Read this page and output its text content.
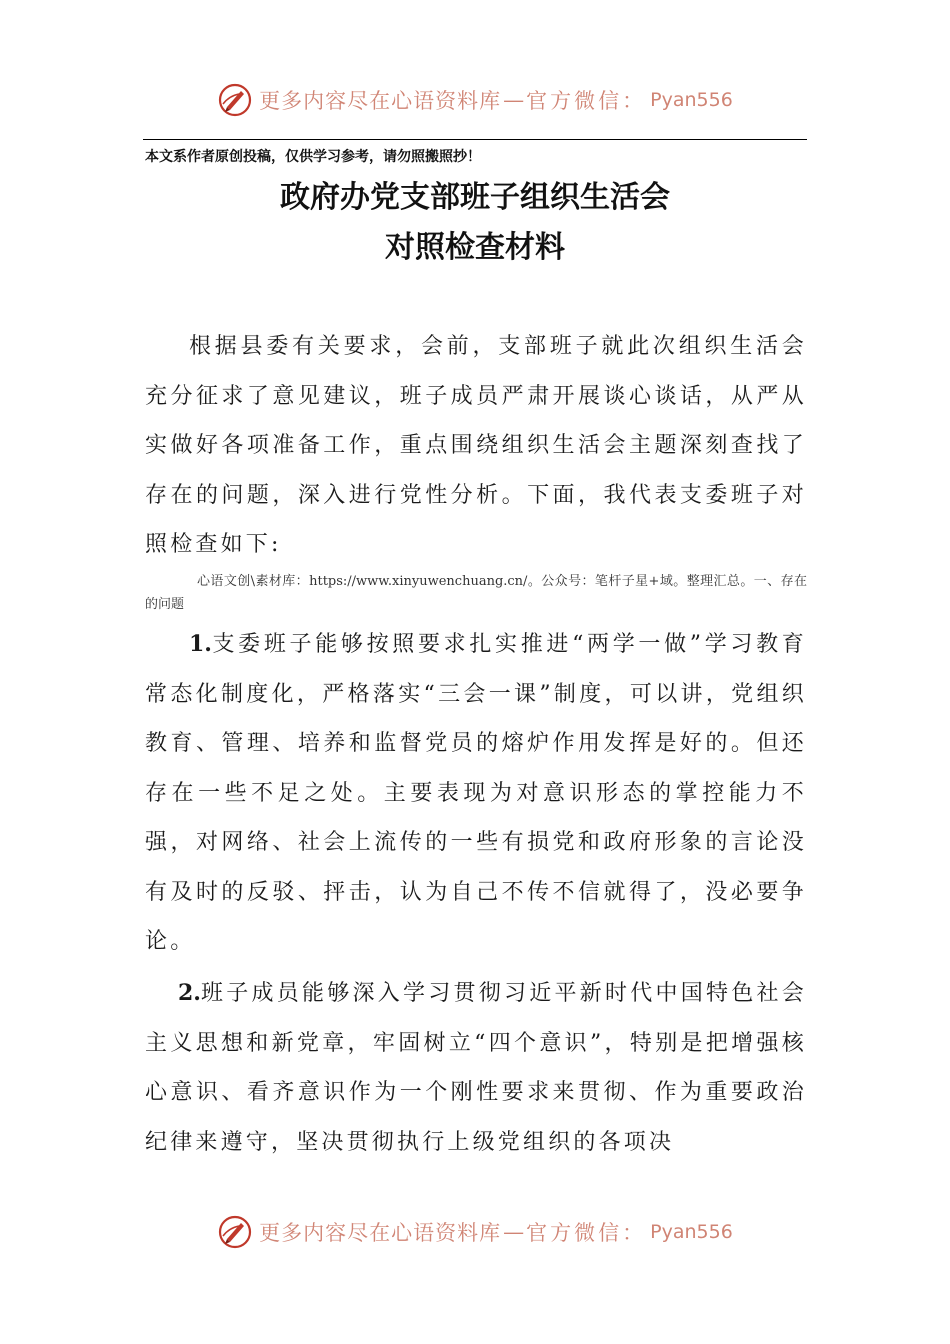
更多内容尽在心语资料库 — 官方微信： Pyan556
本文系作者原创投稿，仅供学习参考，请勿照搬照抄！
政府办党支部班子组织生活会
对照检查材料
根据县委有关要求，会前，支部班子就此次组织生活会充分征求了意见建议，班子成员严肃开展谈心谈话，从严从实做好各项准备工作，重点围绕组织生活会主题深刻查找了存在的问题，深入进行党性分析。下面，我代表支委班子对照检查如下:
心语文创\素材库：https://www.xinyuwenchuang.cn/。公众号：笔杆子星+域。整理汇总。一、存在的问题
1.支委班子能够按照要求扎实推进“两学一做”学习教育常态化制度化，严格落实“三会一课”制度，可以讲，党组织教育、管理、培养和监督党员的熔炉作用发挥是好的。但还存在一些不足之处。主要表现为对意识形态的掌控能力不强，对网络、社会上流传的一些有损党和政府形象的言论没有及时的反驳、抨击，认为自己不传不信就得了，没必要争论。
2.班子成员能够深入学习贯彻习近平新时代中国特色社会主义思想和新党章，牢固树立“四个意识”，特别是把增强核心意识、看齐意识作为一个刚性要求来贯彻、作为重要政治纪律来遵守，坚决贯彻执行上级党组织的各项决
更多内容尽在心语资料库 — 官方微信： Pyan556
